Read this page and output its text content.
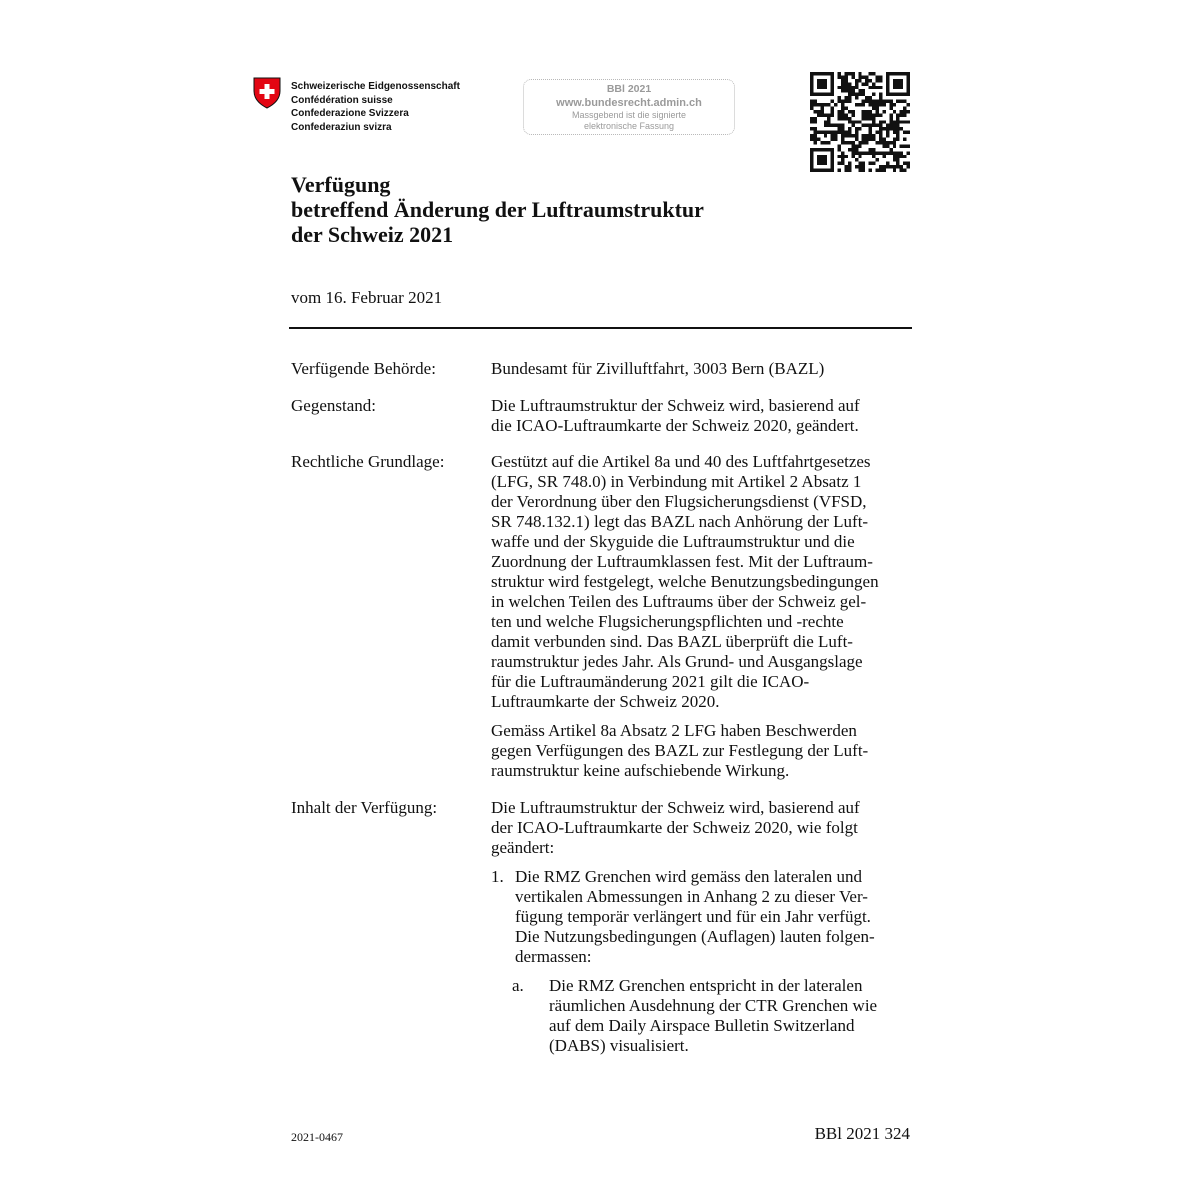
Schweizerische Eidgenossenschaft
Confédération suisse
Confederazione Svizzera
Confederaziun svizra
BBl 2021
www.bundesrecht.admin.ch
Massgebend ist die signierte
elektronische Fassung
Verfügung
betreffend Änderung der Luftraumstruktur
der Schweiz 2021
vom 16. Februar 2021
Verfügende Behörde:	Bundesamt für Zivilluftfahrt, 3003 Bern (BAZL)
Gegenstand:	Die Luftraumstruktur der Schweiz wird, basierend auf
die ICAO-Luftraumkarte der Schweiz 2020, geändert.
Rechtliche Grundlage:	Gestützt auf die Artikel 8a und 40 des Luftfahrtgesetzes
(LFG, SR 748.0) in Verbindung mit Artikel 2 Absatz 1
der Verordnung über den Flugsicherungsdienst (VFSD,
SR 748.132.1) legt das BAZL nach Anhörung der Luft-
waffe und der Skyguide die Luftraumstruktur und die
Zuordnung der Luftraumklassen fest. Mit der Luftraum-
struktur wird festgelegt, welche Benutzungsbedingungen
in welchen Teilen des Luftraums über der Schweiz gel-
ten und welche Flugsicherungspflichten und -rechte
damit verbunden sind. Das BAZL überprüft die Luft-
raumstruktur jedes Jahr. Als Grund- und Ausgangslage
für die Luftraumänderung 2021 gilt die ICAO-
Luftraumkarte der Schweiz 2020.
Gemäss Artikel 8a Absatz 2 LFG haben Beschwerden
gegen Verfügungen des BAZL zur Festlegung der Luft-
raumstruktur keine aufschiebende Wirkung.
Inhalt der Verfügung:	Die Luftraumstruktur der Schweiz wird, basierend auf
der ICAO-Luftraumkarte der Schweiz 2020, wie folgt
geändert:
1. Die RMZ Grenchen wird gemäss den lateralen und
vertikalen Abmessungen in Anhang 2 zu dieser Ver-
fügung temporär verlängert und für ein Jahr verfügt.
Die Nutzungsbedingungen (Auflagen) lauten folgen-
dermassen:
a. Die RMZ Grenchen entspricht in der lateralen
räumlichen Ausdehnung der CTR Grenchen wie
auf dem Daily Airspace Bulletin Switzerland
(DABS) visualisiert.
2021-0467	BBl 2021 324
